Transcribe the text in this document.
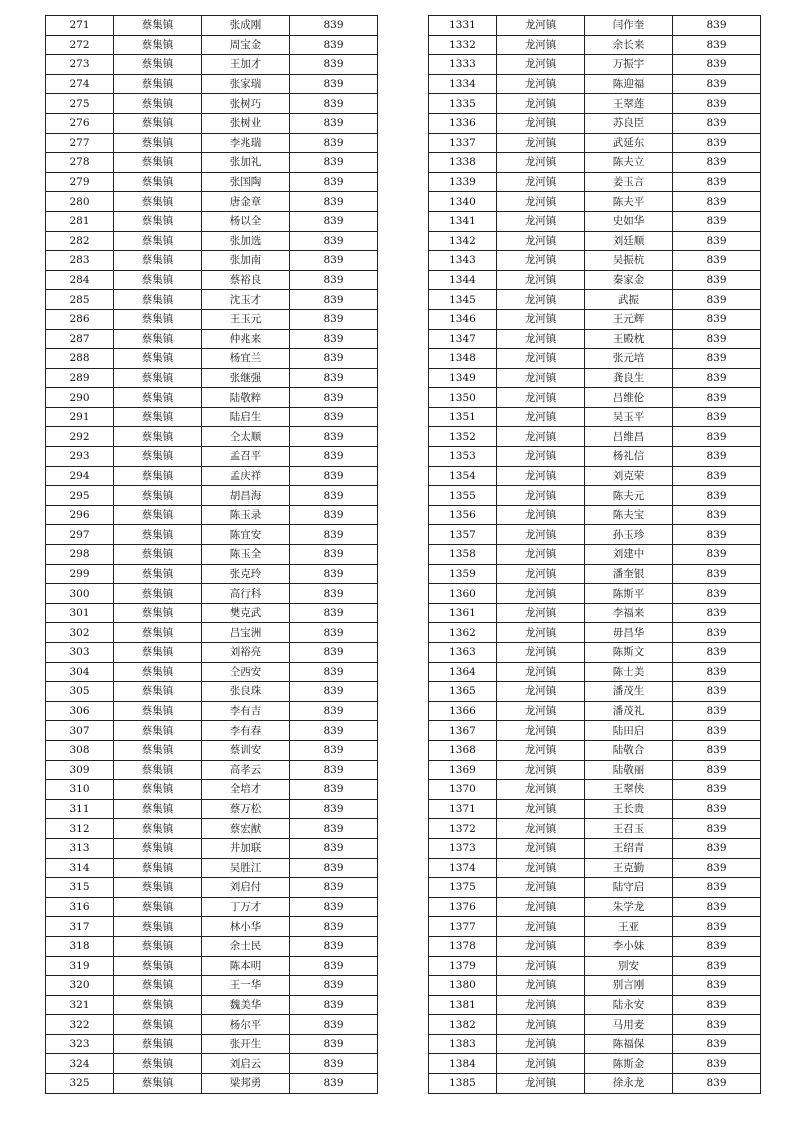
271	蔡集镇	张成刚	839
272	蔡集镇	周宝金	839
273	蔡集镇	王加才	839
274	蔡集镇	张家瑞	839
275	蔡集镇	张树巧	839
276	蔡集镇	张树业	839
277	蔡集镇	李兆瑞	839
278	蔡集镇	张加礼	839
279	蔡集镇	张国陶	839
280	蔡集镇	唐金章	839
281	蔡集镇	杨以全	839
282	蔡集镇	张加选	839
283	蔡集镇	张加南	839
284	蔡集镇	蔡裕良	839
285	蔡集镇	沈玉才	839
286	蔡集镇	王玉元	839
287	蔡集镇	仲兆来	839
288	蔡集镇	杨宜兰	839
289	蔡集镇	张继强	839
290	蔡集镇	陆敬粹	839
291	蔡集镇	陆启生	839
292	蔡集镇	仝太顺	839
293	蔡集镇	孟召平	839
294	蔡集镇	孟庆祥	839
295	蔡集镇	胡昌海	839
296	蔡集镇	陈玉录	839
297	蔡集镇	陈宜安	839
298	蔡集镇	陈玉全	839
299	蔡集镇	张克玲	839
300	蔡集镇	高行科	839
301	蔡集镇	樊克武	839
302	蔡集镇	吕宝洲	839
303	蔡集镇	刘裕亮	839
304	蔡集镇	仝西安	839
305	蔡集镇	张良珠	839
306	蔡集镇	李有吉	839
307	蔡集镇	李有春	839
308	蔡集镇	蔡训安	839
309	蔡集镇	高孝云	839
310	蔡集镇	全培才	839
311	蔡集镇	蔡万松	839
312	蔡集镇	蔡宏猷	839
313	蔡集镇	井加联	839
314	蔡集镇	吴胜江	839
315	蔡集镇	刘启付	839
316	蔡集镇	丁万才	839
317	蔡集镇	林小华	839
318	蔡集镇	余士民	839
319	蔡集镇	陈本明	839
320	蔡集镇	王一华	839
321	蔡集镇	魏美华	839
322	蔡集镇	杨尔平	839
323	蔡集镇	张开生	839
324	蔡集镇	刘启云	839
325	蔡集镇	梁邦勇	839
1331	龙河镇	闫作奎	839
1332	龙河镇	余长来	839
1333	龙河镇	万振宇	839
1334	龙河镇	陈迎福	839
1335	龙河镇	王翠莲	839
1336	龙河镇	苏良臣	839
1337	龙河镇	武延东	839
1338	龙河镇	陈夫立	839
1339	龙河镇	姜玉言	839
1340	龙河镇	陈夫平	839
1341	龙河镇	史如华	839
1342	龙河镇	刘廷顺	839
1343	龙河镇	吴振杭	839
1344	龙河镇	秦家金	839
1345	龙河镇	武振	839
1346	龙河镇	王元辉	839
1347	龙河镇	王殿枕	839
1348	龙河镇	张元培	839
1349	龙河镇	龚良生	839
1350	龙河镇	吕维伦	839
1351	龙河镇	吴玉平	839
1352	龙河镇	吕维昌	839
1353	龙河镇	杨礼信	839
1354	龙河镇	刘克荣	839
1355	龙河镇	陈夫元	839
1356	龙河镇	陈夫宝	839
1357	龙河镇	孙玉珍	839
1358	龙河镇	刘建中	839
1359	龙河镇	潘奎银	839
1360	龙河镇	陈斯平	839
1361	龙河镇	李福来	839
1362	龙河镇	毋昌华	839
1363	龙河镇	陈斯文	839
1364	龙河镇	陈士美	839
1365	龙河镇	潘茂生	839
1366	龙河镇	潘茂礼	839
1367	龙河镇	陆田启	839
1368	龙河镇	陆敬合	839
1369	龙河镇	陆敬丽	839
1370	龙河镇	王翠侠	839
1371	龙河镇	王长贵	839
1372	龙河镇	王召玉	839
1373	龙河镇	王绍青	839
1374	龙河镇	王克勤	839
1375	龙河镇	陆守启	839
1376	龙河镇	朱学龙	839
1377	龙河镇	王亚	839
1378	龙河镇	李小妹	839
1379	龙河镇	别安	839
1380	龙河镇	别言刚	839
1381	龙河镇	陆永安	839
1382	龙河镇	马用麦	839
1383	龙河镇	陈福保	839
1384	龙河镇	陈斯金	839
1385	龙河镇	徐永龙	839
